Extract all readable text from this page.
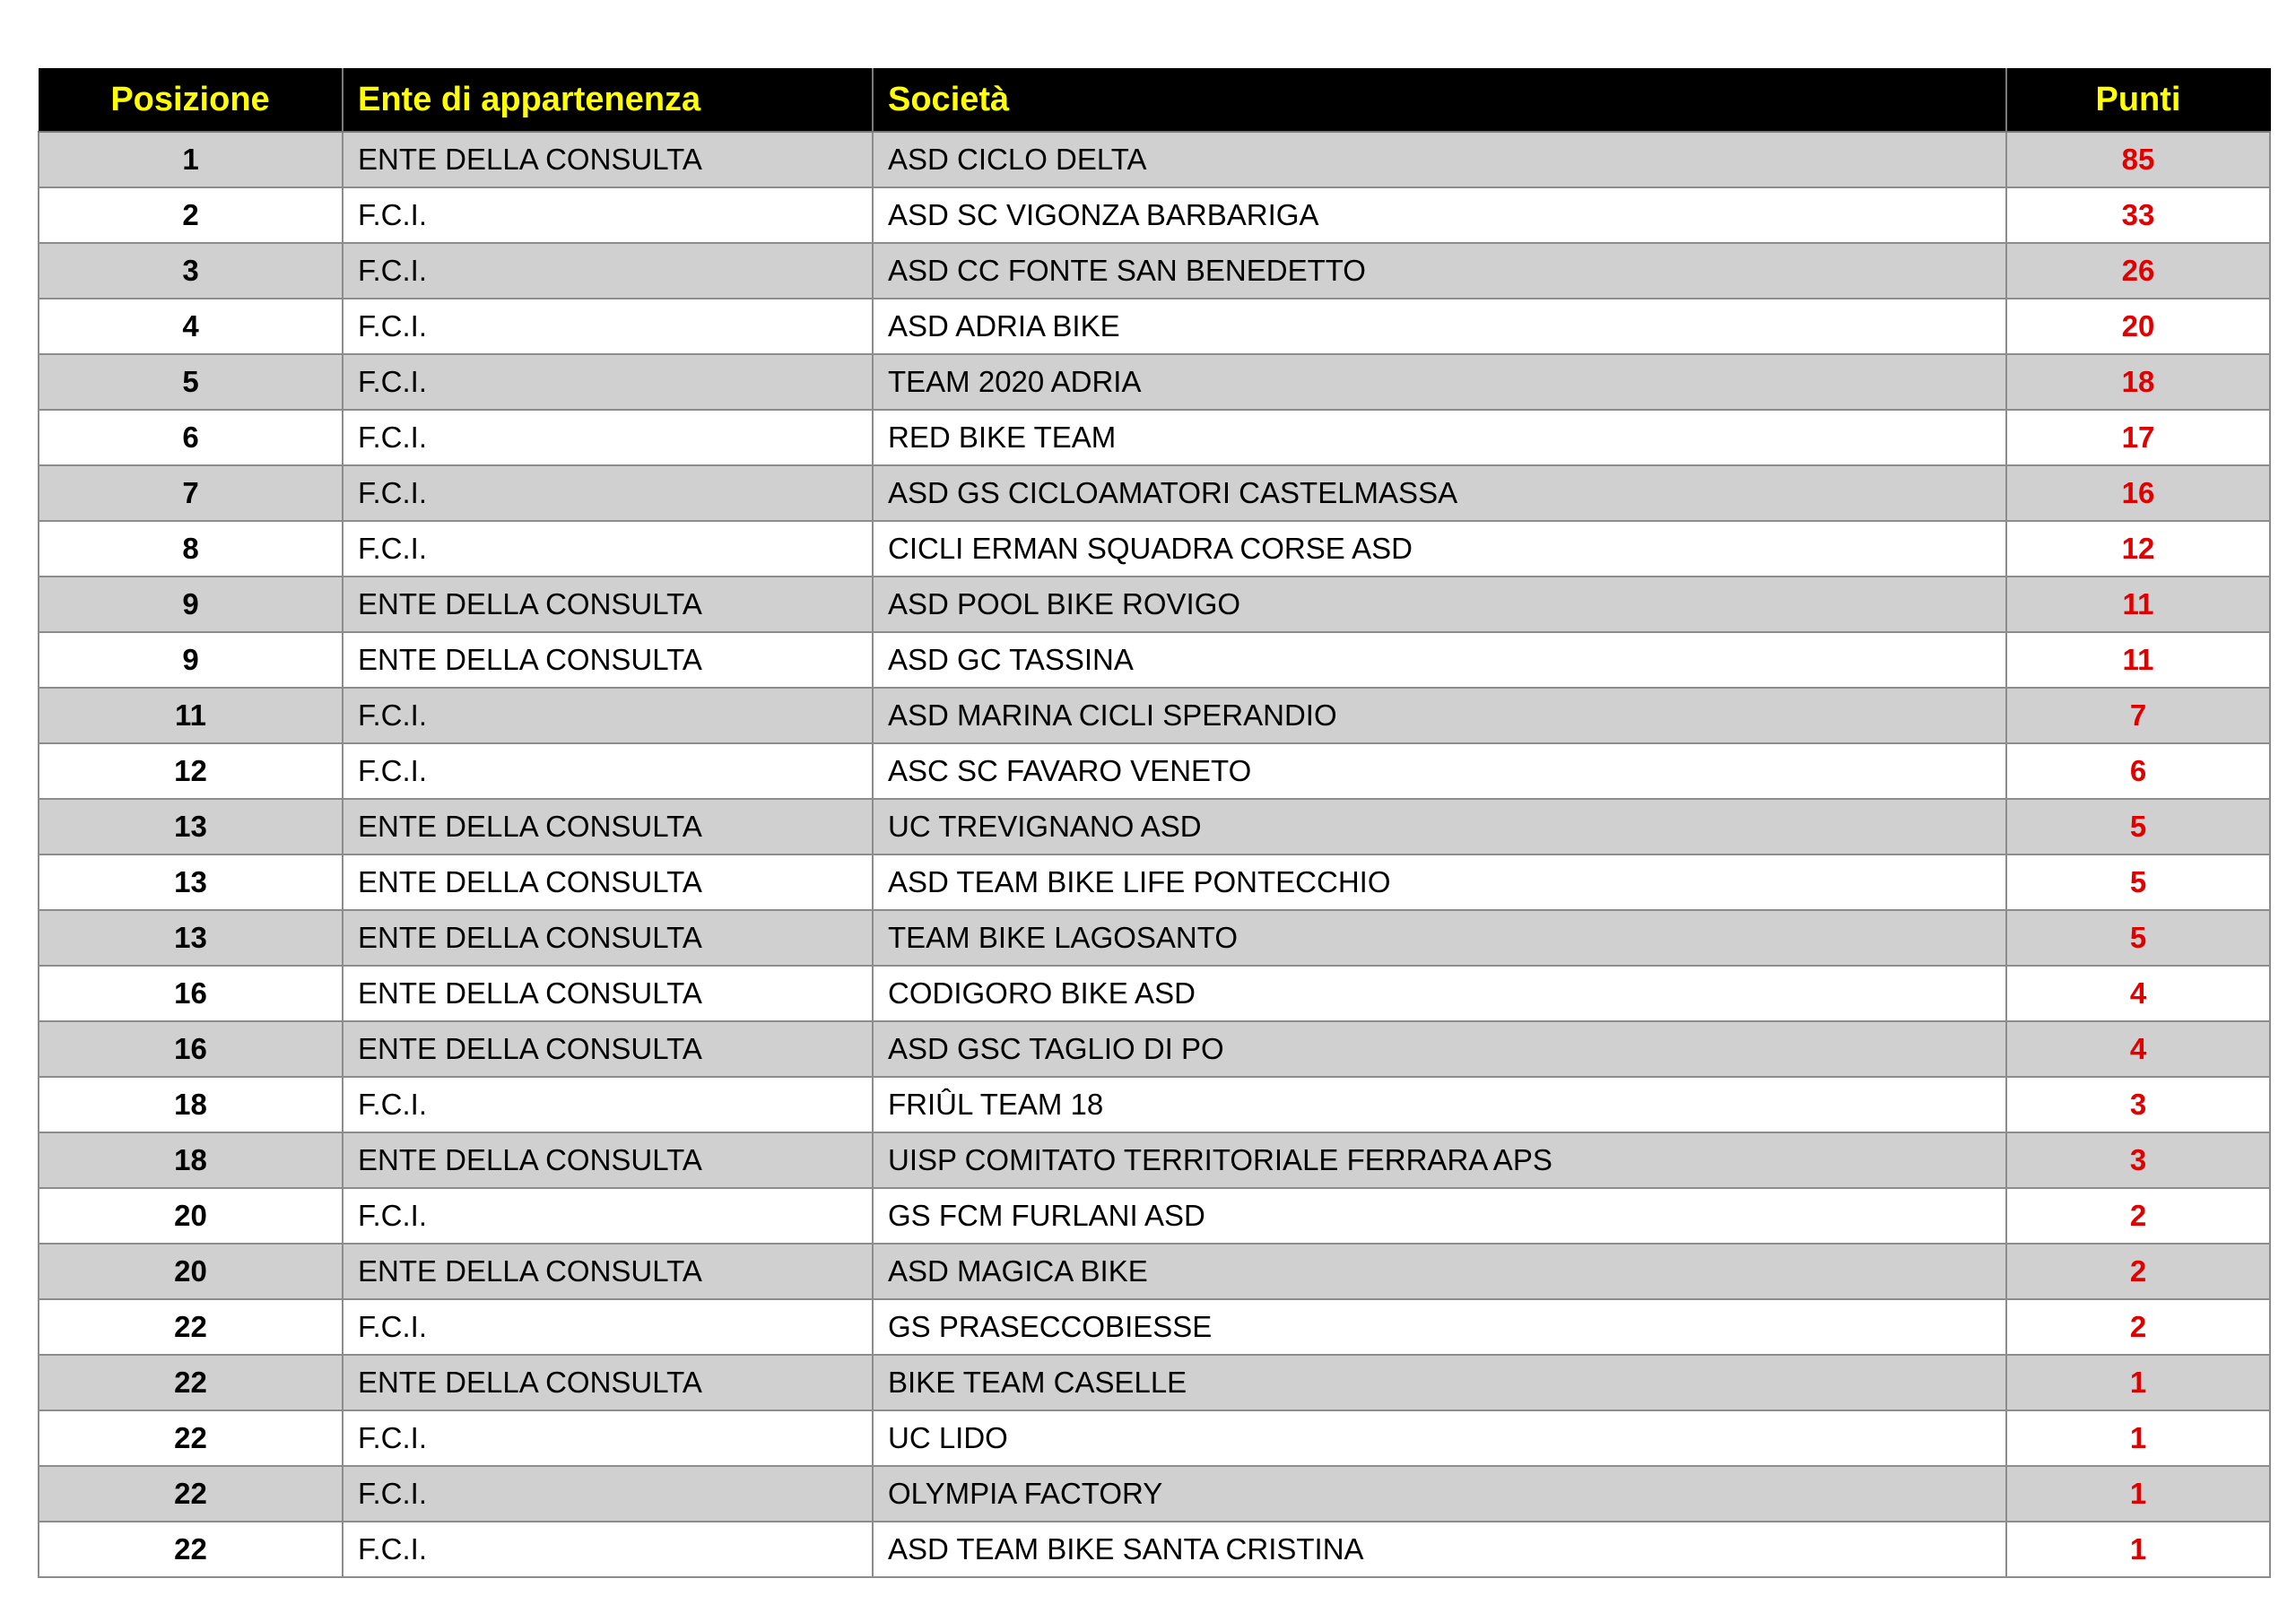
Posizione	Ente di appartenenza	Società	Punti
1	ENTE DELLA CONSULTA	ASD CICLO DELTA	85
2	F.C.I.	ASD SC VIGONZA BARBARIGA	33
3	F.C.I.	ASD CC FONTE SAN BENEDETTO	26
4	F.C.I.	ASD ADRIA BIKE	20
5	F.C.I.	TEAM 2020 ADRIA	18
6	F.C.I.	RED BIKE TEAM	17
7	F.C.I.	ASD GS CICLOAMATORI CASTELMASSA	16
8	F.C.I.	CICLI ERMAN SQUADRA CORSE ASD	12
9	ENTE DELLA CONSULTA	ASD POOL BIKE ROVIGO	11
9	ENTE DELLA CONSULTA	ASD GC TASSINA	11
11	F.C.I.	ASD MARINA CICLI SPERANDIO	7
12	F.C.I.	ASC SC FAVARO VENETO	6
13	ENTE DELLA CONSULTA	UC TREVIGNANO ASD	5
13	ENTE DELLA CONSULTA	ASD TEAM BIKE LIFE PONTECCHIO	5
13	ENTE DELLA CONSULTA	TEAM BIKE LAGOSANTO	5
16	ENTE DELLA CONSULTA	CODIGORO BIKE ASD	4
16	ENTE DELLA CONSULTA	ASD GSC TAGLIO DI PO	4
18	F.C.I.	FRIÛL TEAM 18	3
18	ENTE DELLA CONSULTA	UISP COMITATO TERRITORIALE FERRARA APS	3
20	F.C.I.	GS FCM FURLANI ASD	2
20	ENTE DELLA CONSULTA	ASD MAGICA BIKE	2
22	F.C.I.	GS PRASECCOBIESSE	2
22	ENTE DELLA CONSULTA	BIKE TEAM CASELLE	1
22	F.C.I.	UC LIDO	1
22	F.C.I.	OLYMPIA FACTORY	1
22	F.C.I.	ASD TEAM BIKE SANTA CRISTINA	1
